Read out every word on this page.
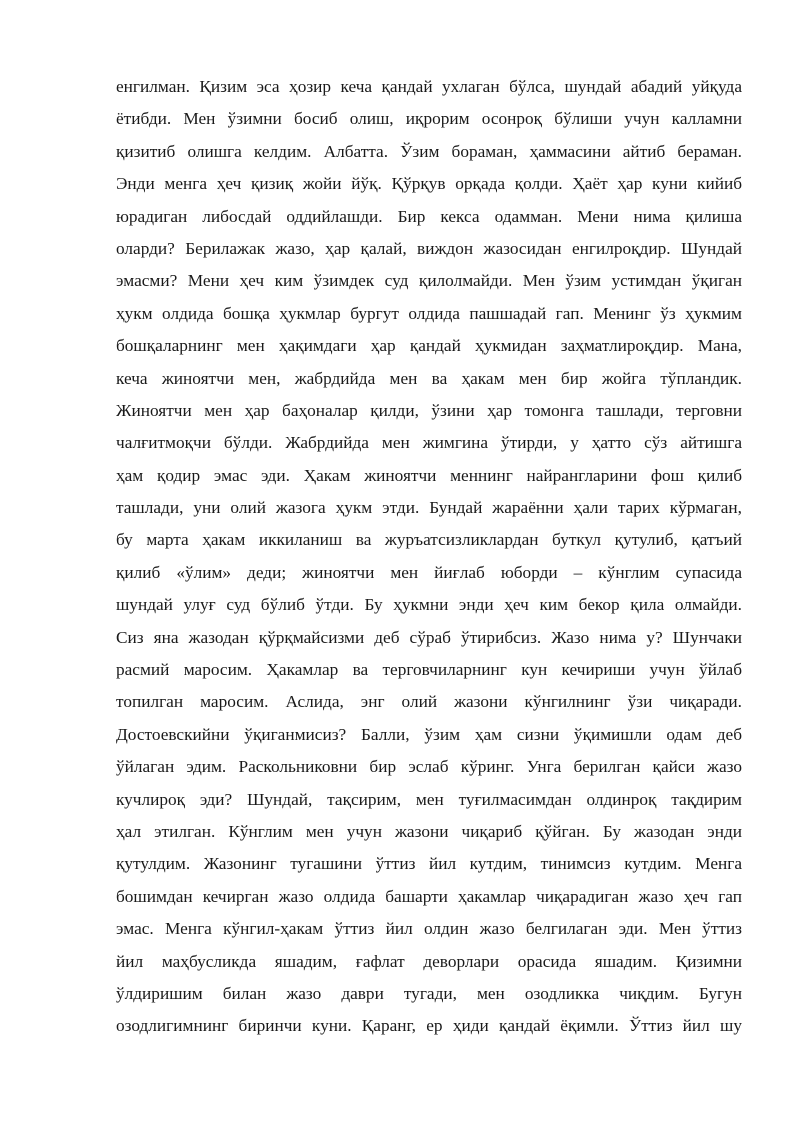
енгилман. Қизим эса ҳозир кеча қандай ухлаган бўлса, шундай абадий уйқуда
ётибди. Мен ўзимни босиб олиш, иқрорим осонроқ бўлиши учун калламни
қизитиб олишга келдим. Албатта. Ўзим бораман, ҳаммасини айтиб бераман.
Энди менга ҳеч қизиқ жойи йўқ. Қўрқув орқада қолди. Ҳаёт ҳар куни кийиб
юрадиган либосдай оддийлашди. Бир кекса одамман. Мени нима қилиша
оларди? Берилажак жазо, ҳар қалай, виждон жазосидан енгилроқдир. Шундай
эмасми? Мени ҳеч ким ўзимдек суд қилолмайди. Мен ўзим устимдан ўқиган
ҳукм олдида бошқа ҳукмлар бургут олдида пашшадай гап. Менинг ўз ҳукмим
бошқаларнинг мен ҳақимдаги ҳар қандай ҳукмидан заҳматлироқдир. Мана,
кеча жиноятчи мен, жабрдийда мен ва ҳакам мен бир жойга тўпландик.
Жиноятчи мен ҳар баҳоналар қилди, ўзини ҳар томонга ташлади, терговни
чалғитмоқчи бўлди. Жабрдийда мен жимгина ўтирди, у ҳатто сўз айтишга
ҳам қодир эмас эди. Ҳакам жиноятчи меннинг найрангларини фош қилиб
ташлади, уни олий жазога ҳукм этди. Бундай жараённи ҳали тарих кўрмаган,
бу марта ҳакам иккиланиш ва журъатсизликлардан буткул қутулиб, қатъий
қилиб «ўлим» деди; жиноятчи мен йиғлаб юборди – кўнглим супасида
шундай улуғ суд бўлиб ўтди. Бу ҳукмни энди ҳеч ким бекор қила олмайди.
Сиз яна жазодан қўрқмайсизми деб сўраб ўтирибсиз. Жазо нима у? Шунчаки
расмий маросим. Ҳакамлар ва терговчиларнинг кун кечириши учун ўйлаб
топилган маросим. Аслида, энг олий жазони кўнгилнинг ўзи чиқаради.
Достоевскийни ўқиганмисиз? Балли, ўзим ҳам сизни ўқимишли одам деб
ўйлаган эдим. Раскольниковни бир эслаб кўринг. Унга берилган қайси жазо
кучлироқ эди? Шундай, тақсирим, мен туғилмасимдан олдинроқ тақдирим
ҳал этилган. Кўнглим мен учун жазони чиқариб қўйган. Бу жазодан энди
қутулдим. Жазонинг тугашини ўттиз йил кутдим, тинимсиз кутдим. Менга
бошимдан кечирган жазо олдида башарти ҳакамлар чиқарадиган жазо ҳеч гап
эмас. Менга кўнгил-ҳакам ўттиз йил олдин жазо белгилаган эди. Мен ўттиз
йил маҳбусликда яшадим, ғафлат деворлари орасида яшадим. Қизимни
ўлдиришим билан жазо даври тугади, мен озодликка чиқдим. Бугун
озодлигимнинг биринчи куни. Қаранг, ер ҳиди қандай ёқимли. Ўттиз йил шу
